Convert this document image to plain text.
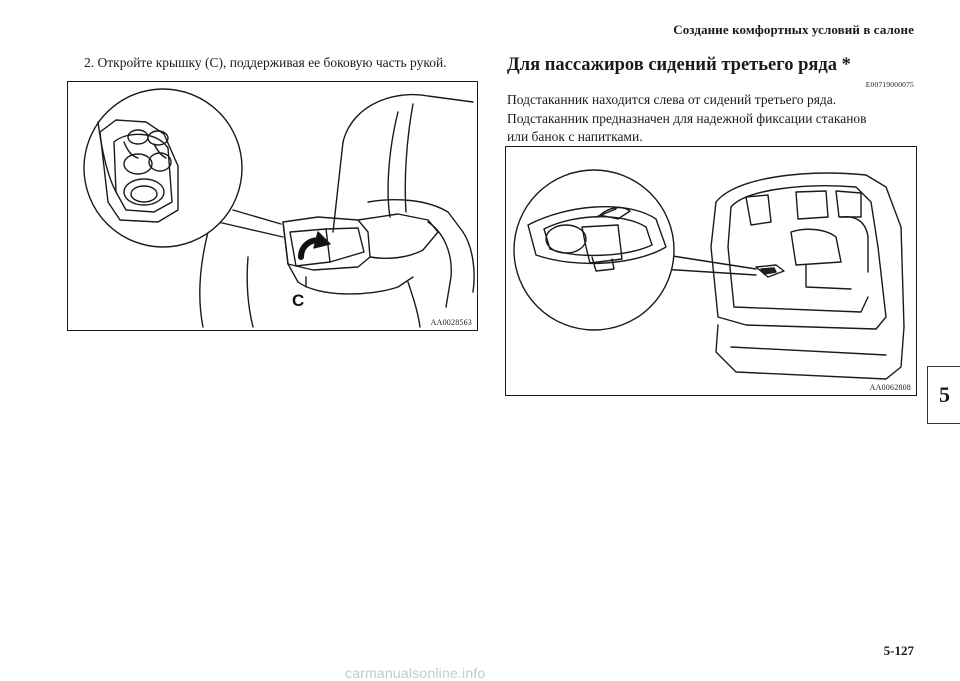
Создание комфортных условий в салоне
2. Откройте крышку (С), поддерживая ее боковую часть рукой.
C
AA0028563
Для пассажиров сидений третьего ряда *
E00719000075
Подстаканник находится слева от сидений третьего ряда.
Подстаканник предназначен для надежной фиксации стаканов
или банок с напитками.
AA0062808	5
5-127
carmanualsonline.info
